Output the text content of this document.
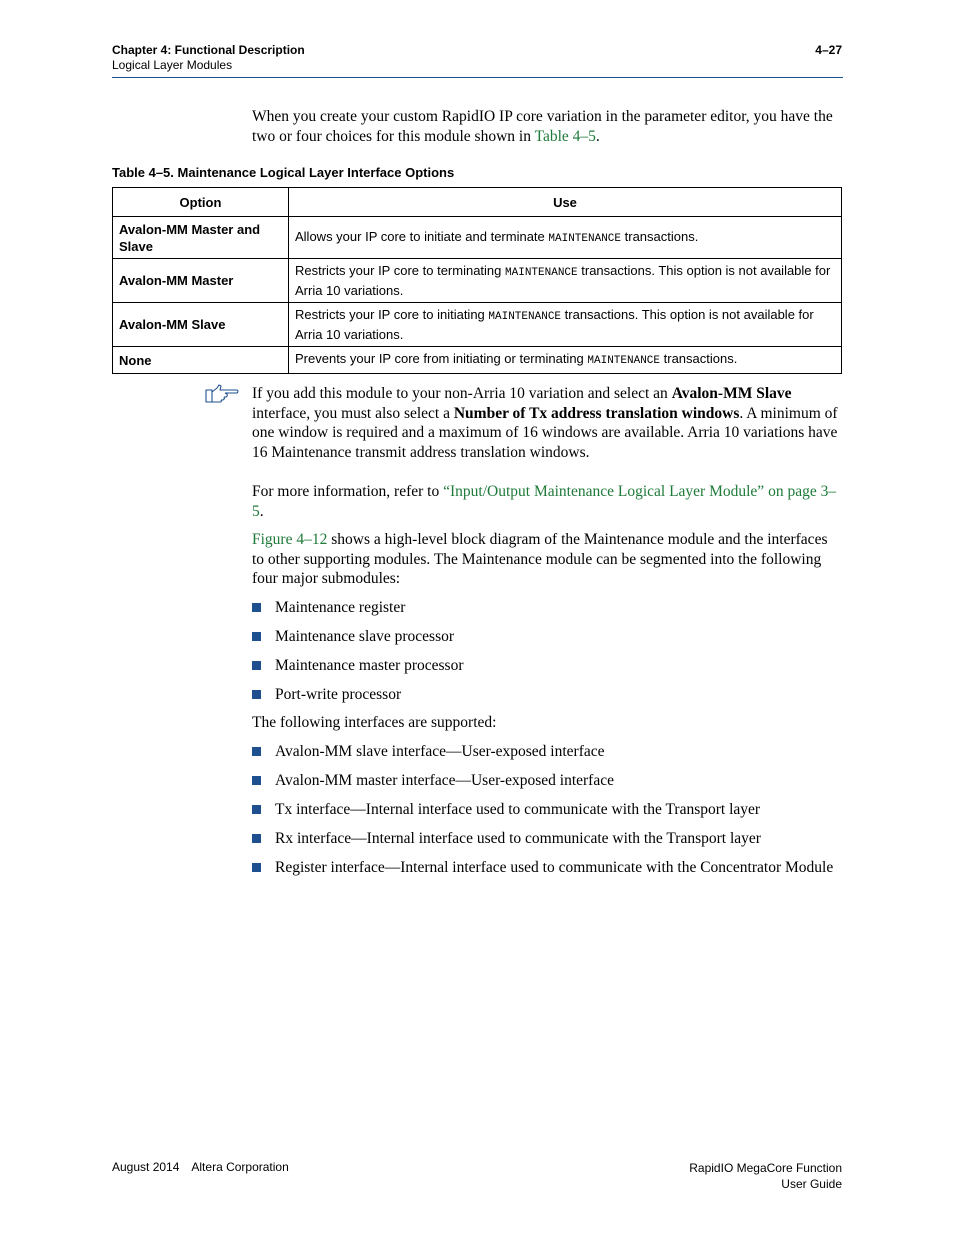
Chapter 4: Functional Description
Logical Layer Modules
4–27

When you create your custom RapidIO IP core variation in the parameter editor, you have the two or four choices for this module shown in Table 4–5.

Table 4–5. Maintenance Logical Layer Interface Options
Option	Use
Avalon-MM Master and Slave	Allows your IP core to initiate and terminate MAINTENANCE transactions.
Avalon-MM Master	Restricts your IP core to terminating MAINTENANCE transactions. This option is not available for Arria 10 variations.
Avalon-MM Slave	Restricts your IP core to initiating MAINTENANCE transactions. This option is not available for Arria 10 variations.
None	Prevents your IP core from initiating or terminating MAINTENANCE transactions.

If you add this module to your non-Arria 10 variation and select an Avalon-MM Slave interface, you must also select a Number of Tx address translation windows. A minimum of one window is required and a maximum of 16 windows are available. Arria 10 variations have 16 Maintenance transmit address translation windows.

For more information, refer to “Input/Output Maintenance Logical Layer Module” on page 3–5.

Figure 4–12 shows a high-level block diagram of the Maintenance module and the interfaces to other supporting modules. The Maintenance module can be segmented into the following four major submodules:

Maintenance register
Maintenance slave processor
Maintenance master processor
Port-write processor
The following interfaces are supported:
Avalon-MM slave interface—User-exposed interface
Avalon-MM master interface—User-exposed interface
Tx interface—Internal interface used to communicate with the Transport layer
Rx interface—Internal interface used to communicate with the Transport layer
Register interface—Internal interface used to communicate with the Concentrator Module
August 2014 Altera Corporation	RapidIO MegaCore Function
User Guide
